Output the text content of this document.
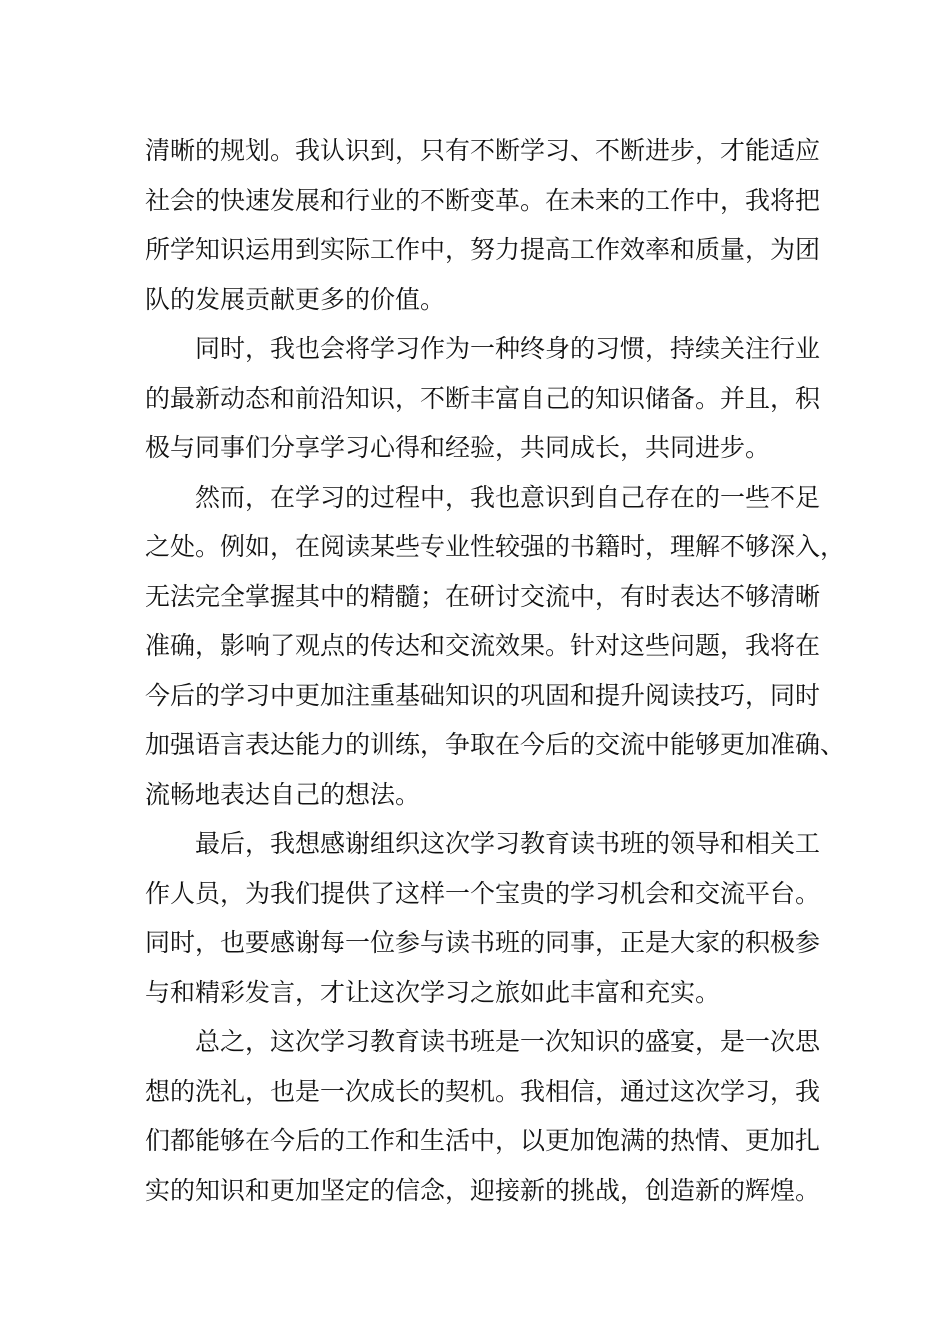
清晰的规划。我认识到，只有不断学习、不断进步，才能适应
社会的快速发展和行业的不断变革。在未来的工作中，我将把
所学知识运用到实际工作中，努力提高工作效率和质量，为团
队的发展贡献更多的价值。
同时，我也会将学习作为一种终身的习惯，持续关注行业
的最新动态和前沿知识，不断丰富自己的知识储备。并且，积
极与同事们分享学习心得和经验，共同成长，共同进步。
然而，在学习的过程中，我也意识到自己存在的一些不足
之处。例如，在阅读某些专业性较强的书籍时，理解不够深入，
无法完全掌握其中的精髓；在研讨交流中，有时表达不够清晰
准确，影响了观点的传达和交流效果。针对这些问题，我将在
今后的学习中更加注重基础知识的巩固和提升阅读技巧，同时
加强语言表达能力的训练，争取在今后的交流中能够更加准确、
流畅地表达自己的想法。
最后，我想感谢组织这次学习教育读书班的领导和相关工
作人员，为我们提供了这样一个宝贵的学习机会和交流平台。
同时，也要感谢每一位参与读书班的同事，正是大家的积极参
与和精彩发言，才让这次学习之旅如此丰富和充实。
总之，这次学习教育读书班是一次知识的盛宴，是一次思
想的洗礼，也是一次成长的契机。我相信，通过这次学习，我
们都能够在今后的工作和生活中，以更加饱满的热情、更加扎
实的知识和更加坚定的信念，迎接新的挑战，创造新的辉煌。
